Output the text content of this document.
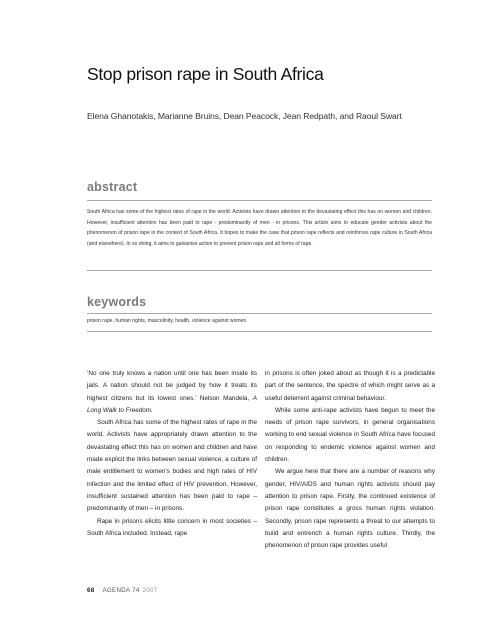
Stop prison rape in South Africa
Elena Ghanotakis, Marianne Bruins, Dean Peacock, Jean Redpath, and Raoul Swart
abstract
South Africa has some of the highest rates of rape in the world. Activists have drawn attention to the devastating effect this has on women and children. However, insufficient attention has been paid to rape - predominantly of men - in prisons. This article aims to educate gender activists about the phenomenon of prison rape in the context of South Africa. It hopes to make the case that prison rape reflects and reinforces rape culture in South Africa (and elsewhere). In so doing, it aims to galvanise action to prevent prison rape and all forms of rape.
keywords
prison rape, human rights, masculinity, health, violence against women

‘No one truly knows a nation until one has been inside its jails. A nation should not be judged by how it treats its highest citizens but its lowest ones.’ Nelson Mandela, A Long Walk to Freedom.

South Africa has some of the highest rates of rape in the world. Activists have appropriately drawn attention to the devastating effect this has on women and children and have made explicit the links between sexual violence, a culture of male entitlement to women’s bodies and high rates of HIV infection and the limited effect of HIV prevention. However, insufficient sustained attention has been paid to rape – predominantly of men – in prisons.

Rape in prisons elicits little concern in most societies – South Africa included. Instead, rape

in prisons is often joked about as though it is a predictable part of the sentence, the spectre of which might serve as a useful deterrent against criminal behaviour.

While some anti-rape activists have begun to meet the needs of prison rape survivors, in general organisations working to end sexual violence in South Africa have focused on responding to endemic violence against women and children.

We argue here that there are a number of reasons why gender, HIV/AIDS and human rights activists should pay attention to prison rape. Firstly, the continued existence of prison rape constitutes a gross human rights violation. Secondly, prison rape represents a threat to our attempts to build and entrench a human rights culture. Thirdly, the phenomenon of prison rape provides useful

68 AGENDA 74 2007
